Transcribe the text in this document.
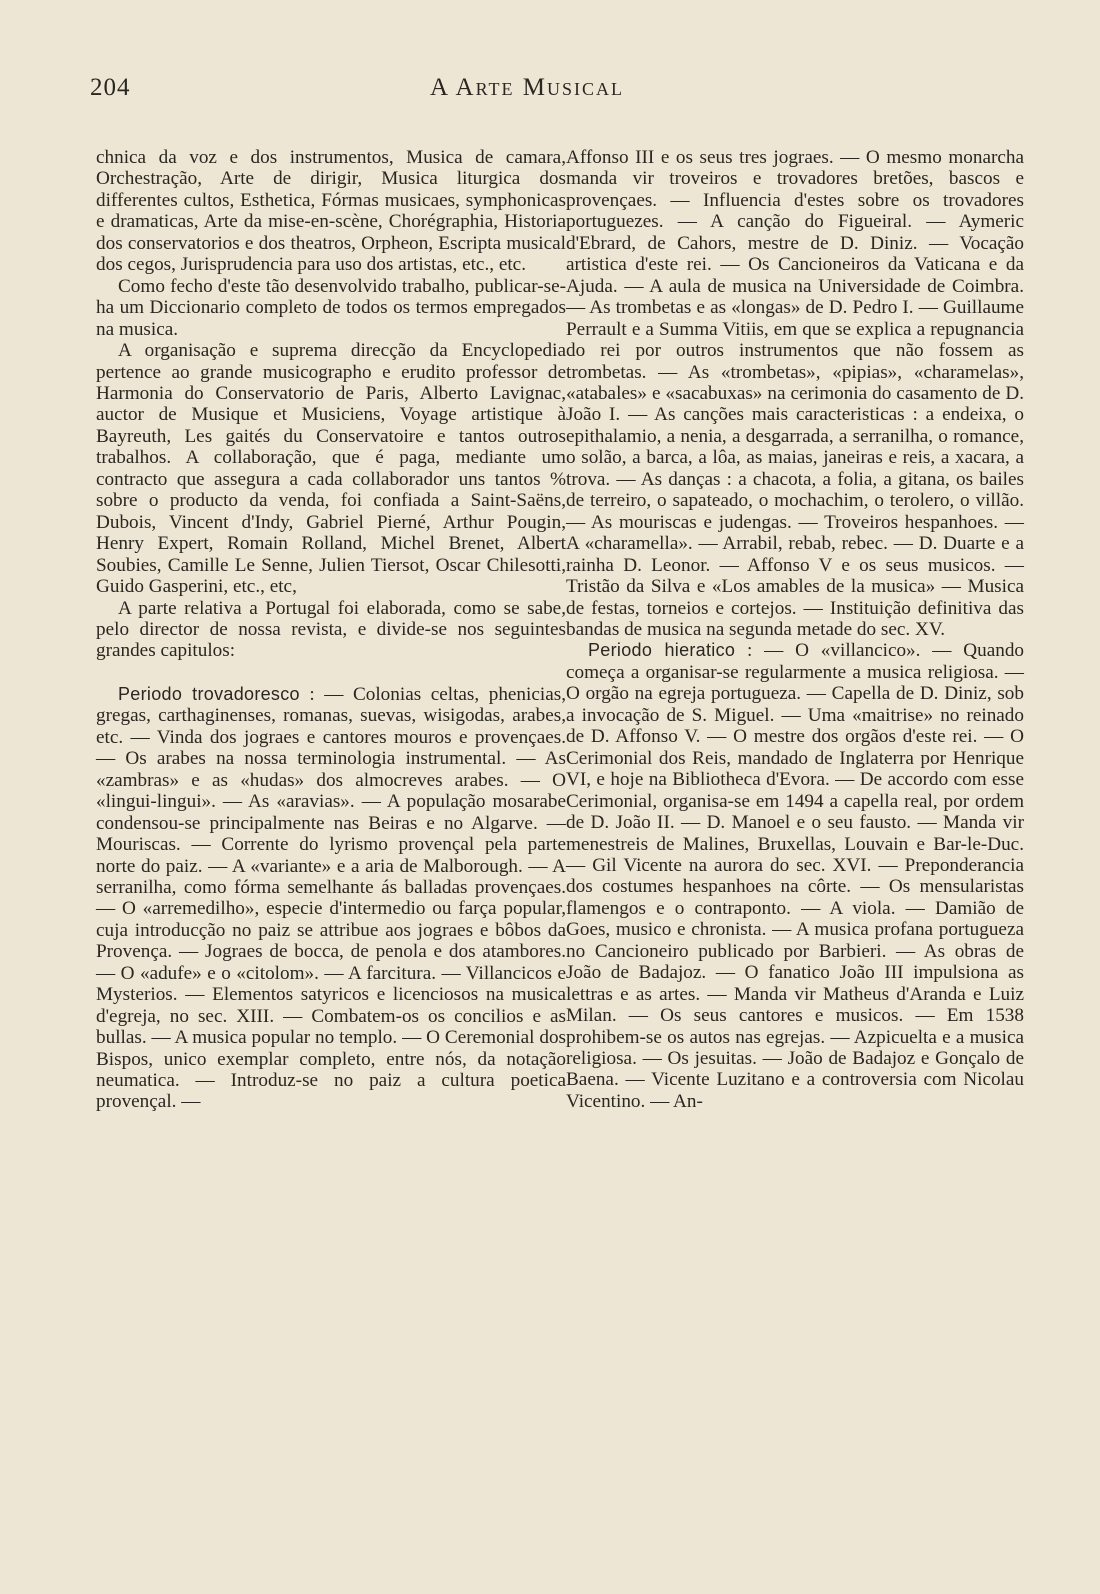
204	A Arte Musical

chnica da voz e dos instrumentos, Musica de camara, Orchestração, Arte de dirigir, Musica liturgica dos differentes cultos, Esthetica, Fórmas musicaes, symphonicas e dramaticas, Arte da mise-en-scène, Chorégraphia, Historia dos conservatorios e dos theatros, Orpheon, Escripta musical dos cegos, Jurisprudencia para uso dos artistas, etc., etc.

Como fecho d'este tão desenvolvido trabalho, publicar-se-ha um Diccionario completo de todos os termos empregados na musica.

A organisação e suprema direcção da Encyclopedia pertence ao grande musicographo e erudito professor de Harmonia do Conservatorio de Paris, Alberto Lavignac, auctor de Musique et Musiciens, Voyage artistique à Bayreuth, Les gaités du Conservatoire e tantos outros trabalhos. A collaboração, que é paga, mediante um contracto que assegura a cada collaborador uns tantos % sobre o producto da venda, foi confiada a Saint-Saëns, Dubois, Vincent d'Indy, Gabriel Pierné, Arthur Pougin, Henry Expert, Romain Rolland, Michel Brenet, Albert Soubies, Camille Le Senne, Julien Tiersot, Oscar Chilesotti, Guido Gasperini, etc., etc,

A parte relativa a Portugal foi elaborada, como se sabe, pelo director de nossa revista, e divide-se nos seguintes grandes capitulos:

Periodo trovadoresco : — Colonias celtas, phenicias, gregas, carthaginenses, romanas, suevas, wisigodas, arabes, etc. — Vinda dos jograes e cantores mouros e provençaes. — Os arabes na nossa terminologia instrumental. — As «zambras» e as «hudas» dos almocreves arabes. — O «lingui-lingui». — As «aravias». — A população mosarabe condensou-se principalmente nas Beiras e no Algarve. — Mouriscas. — Corrente do lyrismo provençal pela parte norte do paiz. — A «variante» e a aria de Malborough. — A serranilha, como fórma semelhante ás balladas provençaes. — O «arremedilho», especie d'intermedio ou farça popular, cuja introducção no paiz se attribue aos jograes e bôbos da Provença. — Jograes de bocca, de penola e dos atambores. — O «adufe» e o «citolom». — A farcitura. — Villancicos e Mysterios. — Elementos satyricos e licenciosos na musica d'egreja, no sec. XIII. — Combatem-os os concilios e as bullas. — A musica popular no templo. — O Ceremonial dos Bispos, unico exemplar completo, entre nós, da notação neumatica. — Introduz-se no paiz a cultura poetica provençal. —

Affonso III e os seus tres jograes. — O mesmo monarcha manda vir troveiros e trovadores bretões, bascos e provençaes. — Influencia d'estes sobre os trovadores portuguezes. — A canção do Figueiral. — Aymeric d'Ebrard, de Cahors, mestre de D. Diniz. — Vocação artistica d'este rei. — Os Cancioneiros da Vaticana e da Ajuda. — A aula de musica na Universidade de Coimbra. — As trombetas e as «longas» de D. Pedro I. — Guillaume Perrault e a Summa Vitiis, em que se explica a repugnancia do rei por outros instrumentos que não fossem as trombetas. — As «trombetas», «pipias», «charamelas», «atabales» e «sacabuxas» na cerimonia do casamento de D. João I. — As canções mais caracteristicas : a endeixa, o epithalamio, a nenia, a desgarrada, a serranilha, o romance, o solão, a barca, a lôa, as maias, janeiras e reis, a xacara, a trova. — As danças : a chacota, a folia, a gitana, os bailes de terreiro, o sapateado, o mochachim, o terolero, o villão. — As mouriscas e judengas. — Troveiros hespanhoes. — A «charamella». — Arrabil, rebab, rebec. — D. Duarte e a rainha D. Leonor. — Affonso V e os seus musicos. — Tristão da Silva e «Los amables de la musica» — Musica de festas, torneios e cortejos. — Instituição definitiva das bandas de musica na segunda metade do sec. XV.

Periodo hieratico : — O «villancico». — Quando começa a organisar-se regularmente a musica religiosa. — O orgão na egreja portugueza. — Capella de D. Diniz, sob a invocação de S. Miguel. — Uma «maitrise» no reinado de D. Affonso V. — O mestre dos orgãos d'este rei. — O Cerimonial dos Reis, mandado de Inglaterra por Henrique VI, e hoje na Bibliotheca d'Evora. — De accordo com esse Cerimonial, organisa-se em 1494 a capella real, por ordem de D. João II. — D. Manoel e o seu fausto. — Manda vir menestreis de Malines, Bruxellas, Louvain e Bar-le-Duc. — Gil Vicente na aurora do sec. XVI. — Preponderancia dos costumes hespanhoes na côrte. — Os mensularistas flamengos e o contraponto. — A viola. — Damião de Goes, musico e chronista. — A musica profana portugueza no Cancioneiro publicado por Barbieri. — As obras de João de Badajoz. — O fanatico João III impulsiona as lettras e as artes. — Manda vir Matheus d'Aranda e Luiz Milan. — Os seus cantores e musicos. — Em 1538 prohibem-se os autos nas egrejas. — Azpicuelta e a musica religiosa. — Os jesuitas. — João de Badajoz e Gonçalo de Baena. — Vicente Luzitano e a controversia com Nicolau Vicentino. — An-
